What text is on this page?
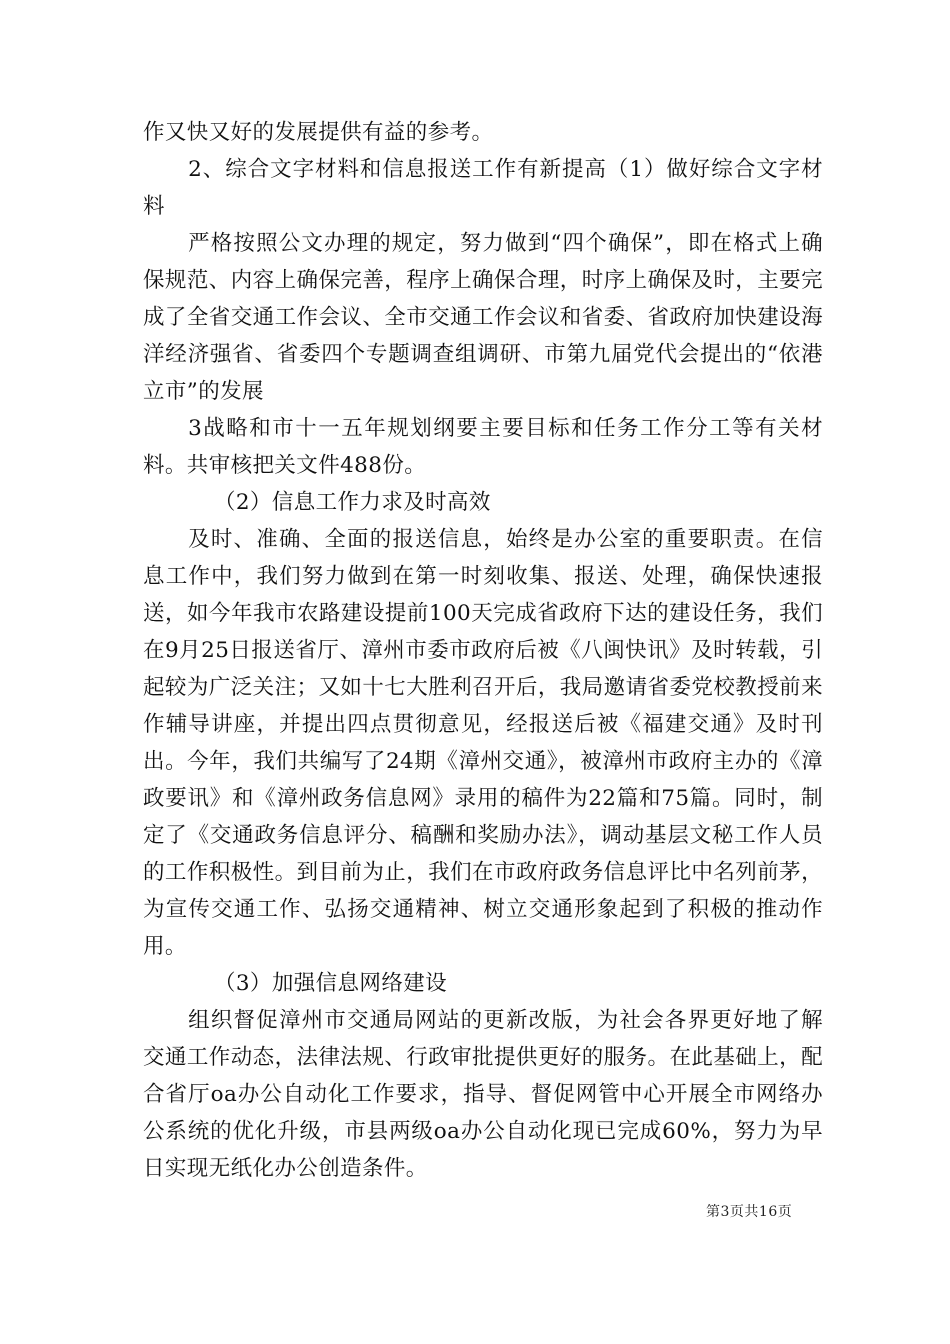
作又快又好的发展提供有益的参考。

2、综合文字材料和信息报送工作有新提高（1）做好综合文字材料

严格按照公文办理的规定，努力做到“四个确保”，即在格式上确保规范、内容上确保完善，程序上确保合理，时序上确保及时，主要完成了全省交通工作会议、全市交通工作会议和省委、省政府加快建设海洋经济强省、省委四个专题调查组调研、市第九届党代会提出的“依港立市”的发展

3战略和市十一五年规划纲要主要目标和任务工作分工等有关材料。共审核把关文件488份。

（2）信息工作力求及时高效

及时、准确、全面的报送信息，始终是办公室的重要职责。在信息工作中，我们努力做到在第一时刻收集、报送、处理，确保快速报送，如今年我市农路建设提前100天完成省政府下达的建设任务，我们在9月25日报送省厅、漳州市委市政府后被《八闽快讯》及时转载，引起较为广泛关注；又如十七大胜利召开后，我局邀请省委党校教授前来作辅导讲座，并提出四点贯彻意见，经报送后被《福建交通》及时刊出。今年，我们共编写了24期《漳州交通》，被漳州市政府主办的《漳政要讯》和《漳州政务信息网》录用的稿件为22篇和75篇。同时，制定了《交通政务信息评分、稿酬和奖励办法》，调动基层文秘工作人员的工作积极性。到目前为止，我们在市政府政务信息评比中名列前茅，为宣传交通工作、弘扬交通精神、树立交通形象起到了积极的推动作用。

（3）加强信息网络建设

组织督促漳州市交通局网站的更新改版，为社会各界更好地了解交通工作动态，法律法规、行政审批提供更好的服务。在此基础上，配合省厅oa办公自动化工作要求，指导、督促网管中心开展全市网络办公系统的优化升级，市县两级oa办公自动化现已完成60%，努力为早日实现无纸化办公创造条件。

第3页共16页
